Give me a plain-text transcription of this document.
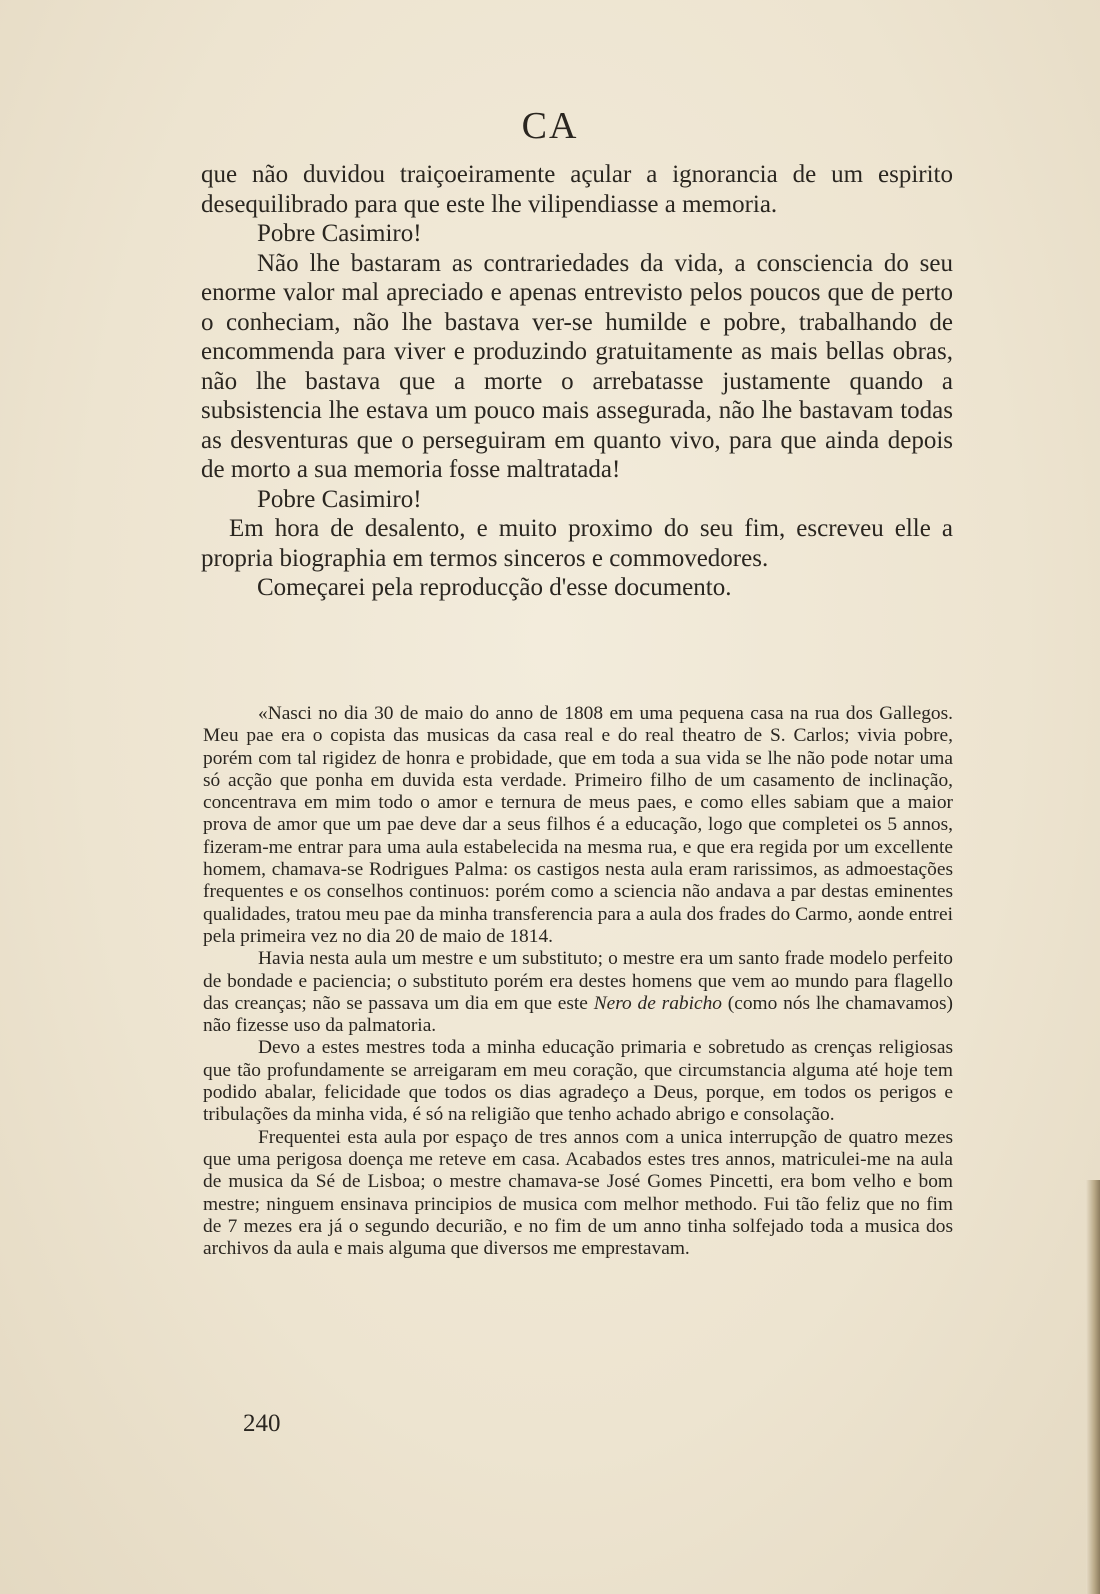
CA

que não duvidou traiçoeiramente açular a ignorancia de um espirito desequilibrado para que este lhe vilipendiasse a memoria.

Pobre Casimiro!

Não lhe bastaram as contrariedades da vida, a consciencia do seu enorme valor mal apreciado e apenas entrevisto pelos poucos que de perto o conheciam, não lhe bastava ver-se humilde e pobre, trabalhando de encommenda para viver e produzindo gratuitamente as mais bellas obras, não lhe bastava que a morte o arrebatasse justamente quando a subsistencia lhe estava um pouco mais assegurada, não lhe bastavam todas as desventuras que o perseguiram em quanto vivo, para que ainda depois de morto a sua memoria fosse maltratada!

Pobre Casimiro!

Em hora de desalento, e muito proximo do seu fim, escreveu elle a propria biographia em termos sinceros e commovedores.

Começarei pela reproducção d'esse documento.

«Nasci no dia 30 de maio do anno de 1808 em uma pequena casa na rua dos Gallegos. Meu pae era o copista das musicas da casa real e do real theatro de S. Carlos; vivia pobre, porém com tal rigidez de honra e probidade, que em toda a sua vida se lhe não pode notar uma só acção que ponha em duvida esta verdade. Primeiro filho de um casamento de inclinação, concentrava em mim todo o amor e ternura de meus paes, e como elles sabiam que a maior prova de amor que um pae deve dar a seus filhos é a educação, logo que completei os 5 annos, fizeram-me entrar para uma aula estabelecida na mesma rua, e que era regida por um excellente homem, chamava-se Rodrigues Palma: os castigos nesta aula eram rarissimos, as admoestações frequentes e os conselhos continuos: porém como a sciencia não andava a par destas eminentes qualidades, tratou meu pae da minha transferencia para a aula dos frades do Carmo, aonde entrei pela primeira vez no dia 20 de maio de 1814.

Havia nesta aula um mestre e um substituto; o mestre era um santo frade modelo perfeito de bondade e paciencia; o substituto porém era destes homens que vem ao mundo para flagello das creanças; não se passava um dia em que este Nero de rabicho (como nós lhe chamavamos) não fizesse uso da palmatoria.

Devo a estes mestres toda a minha educação primaria e sobretudo as crenças religiosas que tão profundamente se arreigaram em meu coração, que circumstancia alguma até hoje tem podido abalar, felicidade que todos os dias agradeço a Deus, porque, em todos os perigos e tribulações da minha vida, é só na religião que tenho achado abrigo e consolação.

Frequentei esta aula por espaço de tres annos com a unica interrupção de quatro mezes que uma perigosa doença me reteve em casa. Acabados estes tres annos, matriculei-me na aula de musica da Sé de Lisboa; o mestre chamava-se José Gomes Pincetti, era bom velho e bom mestre; ninguem ensinava principios de musica com melhor methodo. Fui tão feliz que no fim de 7 mezes era já o segundo decurião, e no fim de um anno tinha solfejado toda a musica dos archivos da aula e mais alguma que diversos me emprestavam.

240
